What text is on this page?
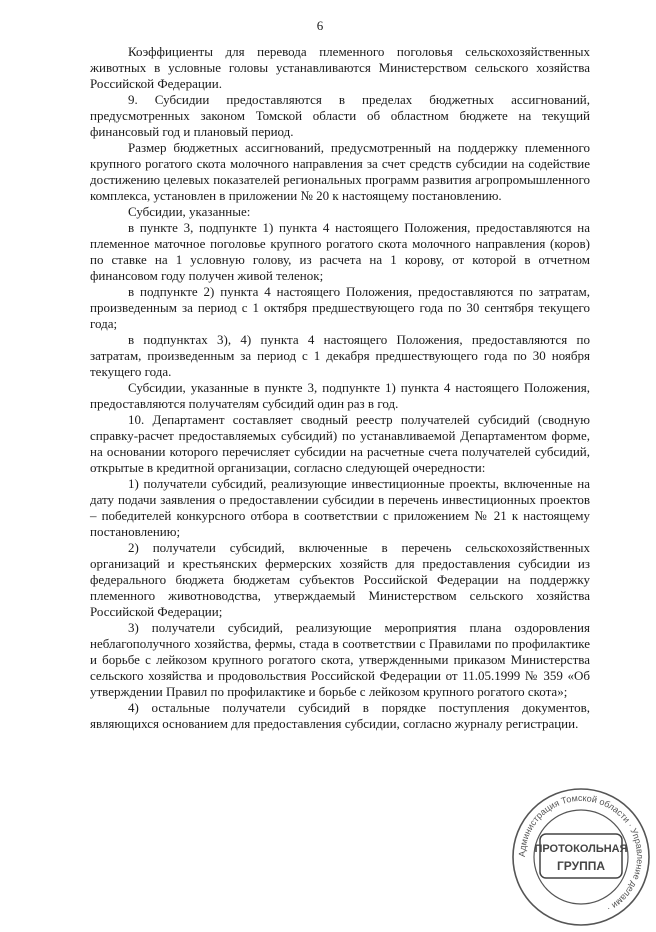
6

Коэффициенты для перевода племенного поголовья сельскохозяйственных животных в условные головы устанавливаются Министерством сельского хозяйства Российской Федерации.

9. Субсидии предоставляются в пределах бюджетных ассигнований, предусмотренных законом Томской области об областном бюджете на текущий финансовый год и плановый период.

Размер бюджетных ассигнований, предусмотренный на поддержку племенного крупного рогатого скота молочного направления за счет средств субсидии на содействие достижению целевых показателей региональных программ развития агропромышленного комплекса, установлен в приложении № 20 к настоящему постановлению.

Субсидии, указанные:

в пункте 3, подпункте 1) пункта 4 настоящего Положения, предоставляются на племенное маточное поголовье крупного рогатого скота молочного направления (коров) по ставке на 1 условную голову, из расчета на 1 корову, от которой в отчетном финансовом году получен живой теленок;

в подпункте 2) пункта 4 настоящего Положения, предоставляются по затратам, произведенным за период с 1 октября предшествующего года по 30 сентября текущего года;

в подпунктах 3), 4) пункта 4 настоящего Положения, предоставляются по затратам, произведенным за период с 1 декабря предшествующего года по 30 ноября текущего года.

Субсидии, указанные в пункте 3, подпункте 1) пункта 4 настоящего Положения, предоставляются получателям субсидий один раз в год.

10. Департамент составляет сводный реестр получателей субсидий (сводную справку-расчет предоставляемых субсидий) по устанавливаемой Департаментом форме, на основании которого перечисляет субсидии на расчетные счета получателей субсидий, открытые в кредитной организации, согласно следующей очередности:

1) получатели субсидий, реализующие инвестиционные проекты, включенные на дату подачи заявления о предоставлении субсидии в перечень инвестиционных проектов – победителей конкурсного отбора в соответствии с приложением № 21 к настоящему постановлению;

2) получатели субсидий, включенные в перечень сельскохозяйственных организаций и крестьянских фермерских хозяйств для предоставления субсидии из федерального бюджета бюджетам субъектов Российской Федерации на поддержку племенного животноводства, утверждаемый Министерством сельского хозяйства Российской Федерации;

3) получатели субсидий, реализующие мероприятия плана оздоровления неблагополучного хозяйства, фермы, стада в соответствии с Правилами по профилактике и борьбе с лейкозом крупного рогатого скота, утвержденными приказом Министерства сельского хозяйства и продовольствия Российской Федерации от 11.05.1999 № 359 «Об утверждении Правил по профилактике и борьбе с лейкозом крупного рогатого скота»;

4) остальные получатели субсидий в порядке поступления документов, являющихся основанием для предоставления субсидии, согласно журналу регистрации.

Администрация Томской области · Управление делами ·
ПРОТОКОЛЬНАЯ
ГРУППА
